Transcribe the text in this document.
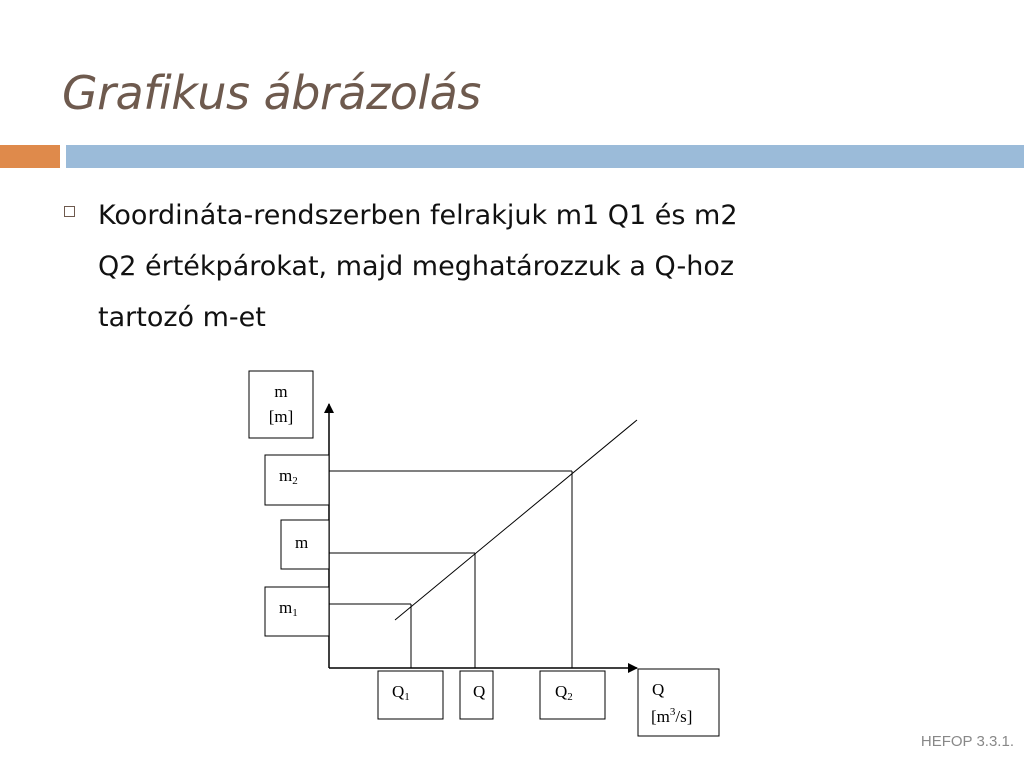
Grafikus ábrázolás
Koordináta-rendszerben felrakjuk m1 Q1 és m2
Q2 értékpárokat, majd meghatározzuk a Q-hoz
tartozó m-et
m
[m]
m2
m
m1
Q1	Q	Q2	Q
$[m^3/s]$
HEFOP 3.3.1.
